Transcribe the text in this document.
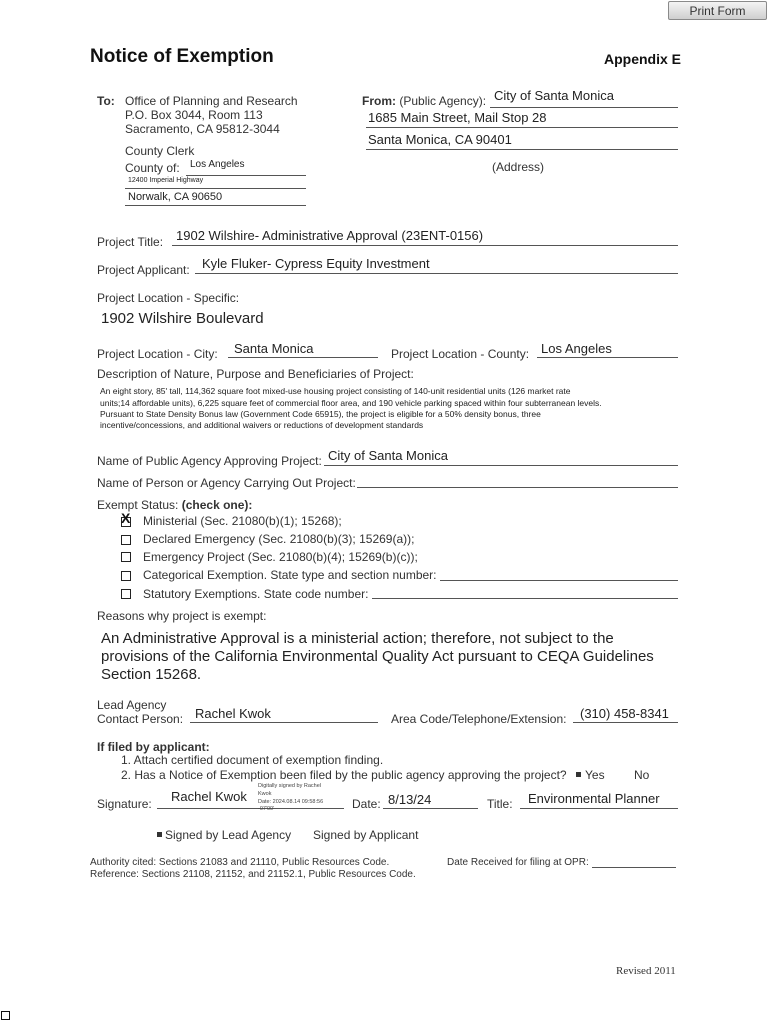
Print Form
Notice of Exemption	Appendix E
To: Office of Planning and Research
P.O. Box 3044, Room 113
Sacramento, CA 95812-3044
County Clerk
County of: Los Angeles
12400 Imperial Highway
Norwalk, CA 90650
From: (Public Agency): City of Santa Monica
1685 Main Street, Mail Stop 28
Santa Monica, CA 90401
(Address)
Project Title: 1902 Wilshire- Administrative Approval (23ENT-0156)
Project Applicant: Kyle Fluker- Cypress Equity Investment
Project Location - Specific:
1902 Wilshire Boulevard
Project Location - City: Santa Monica	Project Location - County: Los Angeles
Description of Nature, Purpose and Beneficiaries of Project:
An eight story, 85' tall, 114,362 square foot mixed-use housing project consisting of 140-unit residential units (126 market rate
units;14 affordable units), 6,225 square feet of commercial floor area, and 190 vehicle parking spaced within four subterranean levels.
Pursuant to State Density Bonus law (Government Code 65915), the project is eligible for a 50% density bonus, three
incentive/concessions, and additional waivers or reductions of development standards
Name of Public Agency Approving Project: City of Santa Monica
Name of Person or Agency Carrying Out Project:
Exempt Status: (check one):
X Ministerial (Sec. 21080(b)(1); 15268);
Declared Emergency (Sec. 21080(b)(3); 15269(a));
Emergency Project (Sec. 21080(b)(4); 15269(b)(c));
Categorical Exemption. State type and section number:
Statutory Exemptions. State code number:
Reasons why project is exempt:
An Administrative Approval is a ministerial action; therefore, not subject to the
provisions of the California Environmental Quality Act pursuant to CEQA Guidelines
Section 15268.
Lead Agency
Contact Person: Rachel Kwok	Area Code/Telephone/Extension: (310) 458-8341
If filed by applicant:
1. Attach certified document of exemption finding.
2. Has a Notice of Exemption been filed by the public agency approving the project? Yes No
Signature: Rachel Kwok
Digitally signed by Rachel
Kwok
Date: 2024.08.14 09:58:56
-07'00'	Date: 8/13/24	Title: Environmental Planner
Signed by Lead Agency Signed by Applicant
Authority cited: Sections 21083 and 21110, Public Resources Code.
Reference: Sections 21108, 21152, and 21152.1, Public Resources Code.
Date Received for filing at OPR:
Revised 2011
